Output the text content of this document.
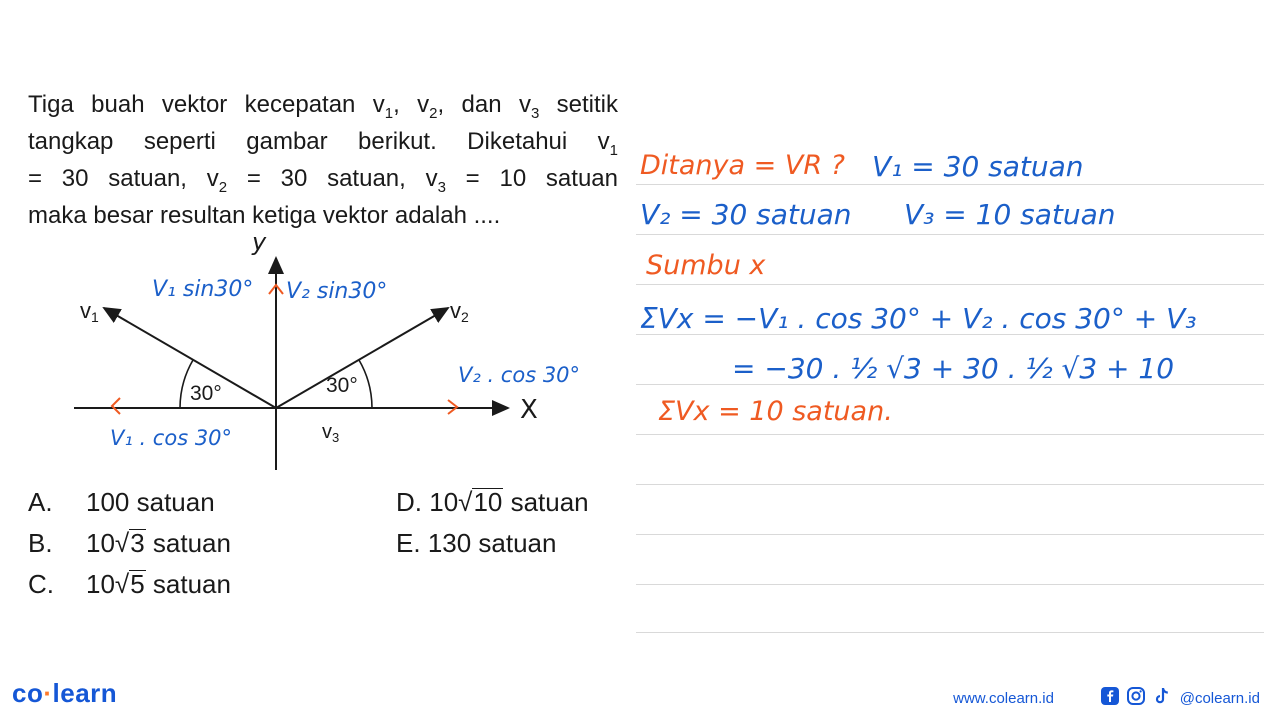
Tiga buah vektor kecepatan $v_1$, $v_2$, dan $v_3$ setitik

tangkap seperti gambar berikut. Diketahui $v_1$

= 30 satuan, $v_2 = 30$ satuan, $v_3 = 10$ satuan

maka besar resultan ketiga vektor adalah ....

v1	v2
$v_3$
30°	30°
y
X
V₁ sin30° V₂ sin30°
V₂ . cos 30°
V₁ . cos 30°
A. 100 satuan
B. 10√3 satuan
C. 10√5 satuan
D. 10√10 satuan
E. 130 satuan
Ditanya = VR ? V₁ = 30 satuan
V₂ = 30 satuan V₃ = 10 satuan
Sumbu x
ΣVx = −V₁ . cos 30° + V₂ . cos 30° + V₃
= −30 . ½ √3 + 30 . ½ √3 + 10
ΣVx = 10 satuan.
co·learn	www.colearn.id	@colearn.id
